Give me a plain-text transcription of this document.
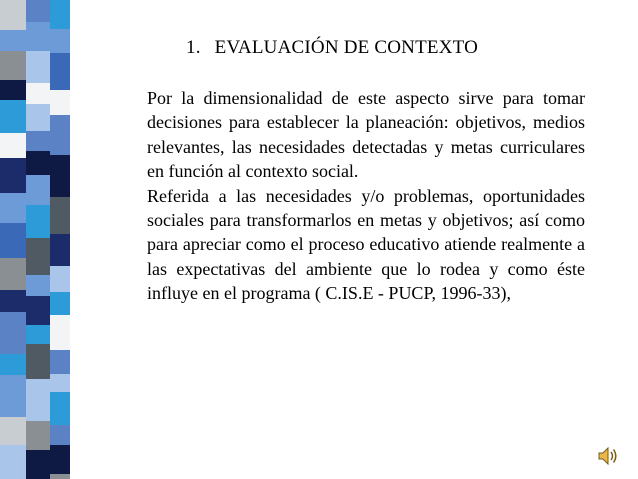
1. EVALUACIÓN DE CONTEXTO

Por la dimensionalidad de este aspecto sirve para tomar decisiones para establecer la planeación: objetivos, medios relevantes, las necesidades detectadas y metas curriculares en función al contexto social.

Referida a las necesidades y/o problemas, oportunidades sociales para transformarlos en metas y objetivos; así como para apreciar como el proceso educativo atiende realmente a las expectativas del ambiente que lo rodea y como éste influye en el programa ( C.IS.E - PUCP, 1996-33),
